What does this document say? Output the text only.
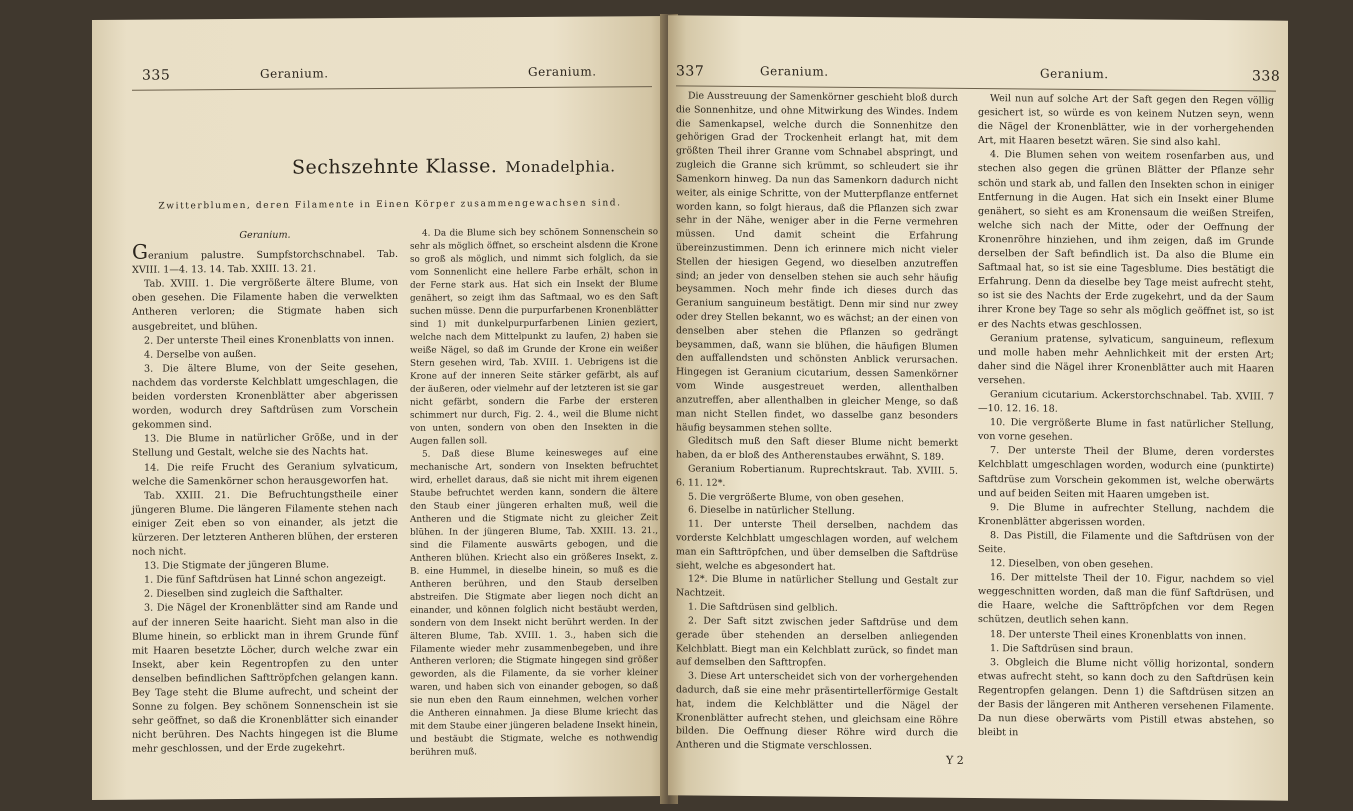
335	Geranium.	Geranium.
Sechszehnte Klasse. Monadelphia.
Zwitterblumen, deren Filamente in Einen Körper zusammengewachsen sind.

Geranium.

Geranium palustre. Sumpfstorchschnabel. Tab. XVIII. 1—4. 13. 14. Tab. XXIII. 13. 21.

Tab. XVIII. 1. Die vergrößerte ältere Blume, von oben gesehen. Die Filamente haben die verwelkten Antheren verloren; die Stigmate haben sich ausgebreitet, und blühen.

2. Der unterste Theil eines Kronenblatts von innen.

4. Derselbe von außen.

3. Die ältere Blume, von der Seite gesehen, nachdem das vorderste Kelchblatt umgeschlagen, die beiden vordersten Kronenblätter aber abgerissen worden, wodurch drey Saftdrüsen zum Vorschein gekommen sind.

13. Die Blume in natürlicher Größe, und in der Stellung und Gestalt, welche sie des Nachts hat.

14. Die reife Frucht des Geranium sylvaticum, welche die Samenkörner schon herausgeworfen hat.

Tab. XXIII. 21. Die Befruchtungstheile einer jüngeren Blume. Die längeren Filamente stehen nach einiger Zeit eben so von einander, als jetzt die kürzeren. Der letzteren Antheren blühen, der ersteren noch nicht.

13. Die Stigmate der jüngeren Blume.

1. Die fünf Saftdrüsen hat Linné schon angezeigt.

2. Dieselben sind zugleich die Safthalter.

3. Die Nägel der Kronenblätter sind am Rande und auf der inneren Seite haaricht. Sieht man also in die Blume hinein, so erblickt man in ihrem Grunde fünf mit Haaren besetzte Löcher, durch welche zwar ein Insekt, aber kein Regentropfen zu den unter denselben befindlichen Safttröpfchen gelangen kann. Bey Tage steht die Blume aufrecht, und scheint der Sonne zu folgen. Bey schönem Sonnenschein ist sie sehr geöffnet, so daß die Kronenblätter sich einander nicht berühren. Des Nachts hingegen ist die Blume mehr geschlossen, und der Erde zugekehrt.

4. Da die Blume sich bey schönem Sonnenschein so sehr als möglich öffnet, so erscheint alsdenn die Krone so groß als möglich, und nimmt sich folglich, da sie vom Sonnenlicht eine hellere Farbe erhält, schon in der Ferne stark aus. Hat sich ein Insekt der Blume genähert, so zeigt ihm das Saftmaal, wo es den Saft suchen müsse. Denn die purpurfarbenen Kronenblätter sind 1) mit dunkelpurpurfarbenen Linien geziert, welche nach dem Mittelpunkt zu laufen, 2) haben sie weiße Nägel, so daß im Grunde der Krone ein weißer Stern gesehen wird, Tab. XVIII. 1. Uebrigens ist die Krone auf der inneren Seite stärker gefärbt, als auf der äußeren, oder vielmehr auf der letzteren ist sie gar nicht gefärbt, sondern die Farbe der ersteren schimmert nur durch, Fig. 2. 4., weil die Blume nicht von unten, sondern von oben den Insekten in die Augen fallen soll.

5. Daß diese Blume keinesweges auf eine mechanische Art, sondern von Insekten befruchtet wird, erhellet daraus, daß sie nicht mit ihrem eigenen Staube befruchtet werden kann, sondern die ältere den Staub einer jüngeren erhalten muß, weil die Antheren und die Stigmate nicht zu gleicher Zeit blühen. In der jüngeren Blume, Tab. XXIII. 13. 21., sind die Filamente auswärts gebogen, und die Antheren blühen. Kriecht also ein größeres Insekt, z. B. eine Hummel, in dieselbe hinein, so muß es die Antheren berühren, und den Staub derselben abstreifen. Die Stigmate aber liegen noch dicht an einander, und können folglich nicht bestäubt werden, sondern von dem Insekt nicht berührt werden. In der älteren Blume, Tab. XVIII. 1. 3., haben sich die Filamente wieder mehr zusammenbegeben, und ihre Antheren verloren; die Stigmate hingegen sind größer geworden, als die Filamente, da sie vorher kleiner waren, und haben sich von einander gebogen, so daß sie nun eben den Raum einnehmen, welchen vorher die Antheren einnahmen. Ja diese Blume kriecht das mit dem Staube einer jüngeren beladene Insekt hinein, und bestäubt die Stigmate, welche es nothwendig berühren muß.

337	Geranium.	Geranium.	338

Die Ausstreuung der Samenkörner geschieht bloß durch die Sonnenhitze, und ohne Mitwirkung des Windes. Indem die Samenkapsel, welche durch die Sonnenhitze den gehörigen Grad der Trockenheit erlangt hat, mit dem größten Theil ihrer Granne vom Schnabel abspringt, und zugleich die Granne sich krümmt, so schleudert sie ihr Samenkorn hinweg. Da nun das Samenkorn dadurch nicht weiter, als einige Schritte, von der Mutterpflanze entfernet worden kann, so folgt hieraus, daß die Pflanzen sich zwar sehr in der Nähe, weniger aber in die Ferne vermehren müssen. Und damit scheint die Erfahrung übereinzustimmen. Denn ich erinnere mich nicht vieler Stellen der hiesigen Gegend, wo dieselben anzutreffen sind; an jeder von denselben stehen sie auch sehr häufig beysammen. Noch mehr finde ich dieses durch das Geranium sanguineum bestätigt. Denn mir sind nur zwey oder drey Stellen bekannt, wo es wächst; an der einen von denselben aber stehen die Pflanzen so gedrängt beysammen, daß, wann sie blühen, die häufigen Blumen den auffallendsten und schönsten Anblick verursachen. Hingegen ist Geranium cicutarium, dessen Samenkörner vom Winde ausgestreuet werden, allenthalben anzutreffen, aber allenthalben in gleicher Menge, so daß man nicht Stellen findet, wo dasselbe ganz besonders häufig beysammen stehen sollte.

Gleditsch muß den Saft dieser Blume nicht bemerkt haben, da er bloß des Antherenstaubes erwähnt, S. 189.

Geranium Robertianum. Ruprechtskraut. Tab. XVIII. 5. 6. 11. 12*.

5. Die vergrößerte Blume, von oben gesehen.

6. Dieselbe in natürlicher Stellung.

11. Der unterste Theil derselben, nachdem das vorderste Kelchblatt umgeschlagen worden, auf welchem man ein Safttröpfchen, und über demselben die Saftdrüse sieht, welche es abgesondert hat.

12*. Die Blume in natürlicher Stellung und Gestalt zur Nachtzeit.

1. Die Saftdrüsen sind gelblich.

2. Der Saft sitzt zwischen jeder Saftdrüse und dem gerade über stehenden an derselben anliegenden Kelchblatt. Biegt man ein Kelchblatt zurück, so findet man auf demselben den Safttropfen.

3. Diese Art unterscheidet sich von der vorhergehenden dadurch, daß sie eine mehr präsentirtellerförmige Gestalt hat, indem die Kelchblätter und die Nägel der Kronenblätter aufrecht stehen, und gleichsam eine Röhre bilden. Die Oeffnung dieser Röhre wird durch die Antheren und die Stigmate verschlossen.

Weil nun auf solche Art der Saft gegen den Regen völlig gesichert ist, so würde es von keinem Nutzen seyn, wenn die Nägel der Kronenblätter, wie in der vorhergehenden Art, mit Haaren besetzt wären. Sie sind also kahl.

4. Die Blumen sehen von weitem rosenfarben aus, und stechen also gegen die grünen Blätter der Pflanze sehr schön und stark ab, und fallen den Insekten schon in einiger Entfernung in die Augen. Hat sich ein Insekt einer Blume genähert, so sieht es am Kronensaum die weißen Streifen, welche sich nach der Mitte, oder der Oeffnung der Kronenröhre hinziehen, und ihm zeigen, daß im Grunde derselben der Saft befindlich ist. Da also die Blume ein Saftmaal hat, so ist sie eine Tagesblume. Dies bestätigt die Erfahrung. Denn da dieselbe bey Tage meist aufrecht steht, so ist sie des Nachts der Erde zugekehrt, und da der Saum ihrer Krone bey Tage so sehr als möglich geöffnet ist, so ist er des Nachts etwas geschlossen.

Geranium pratense, sylvaticum, sanguineum, reflexum und molle haben mehr Aehnlichkeit mit der ersten Art; daher sind die Nägel ihrer Kronenblätter auch mit Haaren versehen.

Geranium cicutarium. Ackerstorchschnabel. Tab. XVIII. 7—10. 12. 16. 18.

10. Die vergrößerte Blume in fast natürlicher Stellung, von vorne gesehen.

7. Der unterste Theil der Blume, deren vorderstes Kelchblatt umgeschlagen worden, wodurch eine (punktirte) Saftdrüse zum Vorschein gekommen ist, welche oberwärts und auf beiden Seiten mit Haaren umgeben ist.

9. Die Blume in aufrechter Stellung, nachdem die Kronenblätter abgerissen worden.

8. Das Pistill, die Filamente und die Saftdrüsen von der Seite.

12. Dieselben, von oben gesehen.

16. Der mittelste Theil der 10. Figur, nachdem so viel weggeschnitten worden, daß man die fünf Saftdrüsen, und die Haare, welche die Safttröpfchen vor dem Regen schützen, deutlich sehen kann.

18. Der unterste Theil eines Kronenblatts von innen.

1. Die Saftdrüsen sind braun.

3. Obgleich die Blume nicht völlig horizontal, sondern etwas aufrecht steht, so kann doch zu den Saftdrüsen kein Regentropfen gelangen. Denn 1) die Saftdrüsen sitzen an der Basis der längeren mit Antheren versehenen Filamente. Da nun diese oberwärts vom Pistill etwas abstehen, so bleibt in

Y 2
